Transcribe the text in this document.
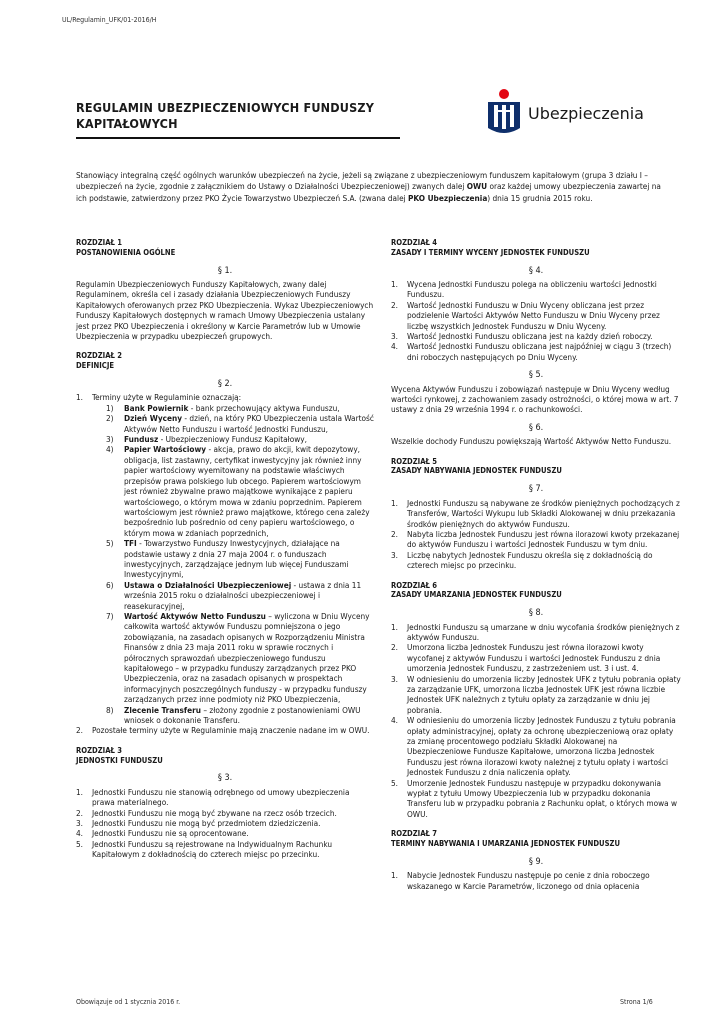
UL/Regulamin_UFK/01-2016/H
REGULAMIN UBEZPIECZENIOWYCH FUNDUSZY KAPITAŁOWYCH
Ubezpieczenia
Stanowiący integralną część ogólnych warunków ubezpieczeń na życie, jeżeli są związane z ubezpieczeniowym funduszem kapitałowym (grupa 3 działu I – ubezpieczeń na życie, zgodnie z załącznikiem do Ustawy o Działalności Ubezpieczeniowej) zwanych dalej OWU oraz każdej umowy ubezpieczenia zawartej na ich podstawie, zatwierdzony przez PKO Życie Towarzystwo Ubezpieczeń S.A. (zwana dalej PKO Ubezpieczenia) dnia 15 grudnia 2015 roku.
ROZDZIAŁ 1
POSTANOWIENIA OGÓLNE
§ 1.

Regulamin Ubezpieczeniowych Funduszy Kapitałowych, zwany dalej Regulaminem, określa cel i zasady działania Ubezpieczeniowych Funduszy Kapitałowych oferowanych przez PKO Ubezpieczenia. Wykaz Ubezpieczeniowych Funduszy Kapitałowych dostępnych w ramach Umowy Ubezpieczenia ustalany jest przez PKO Ubezpieczenia i określony w Karcie Parametrów lub w Umowie Ubezpieczenia w przypadku ubezpieczeń grupowych.

ROZDZIAŁ 2
DEFINICJE
§ 2.
1.	Terminy użyte w Regulaminie oznaczają:
1)	Bank Powiernik - bank przechowujący aktywa Funduszu,
2)	Dzień Wyceny - dzień, na który PKO Ubezpieczenia ustala Wartość Aktywów Netto Funduszu i wartość Jednostki Funduszu,
3)	Fundusz - Ubezpieczeniowy Fundusz Kapitałowy,
4)	Papier Wartościowy - akcja, prawo do akcji, kwit depozytowy, obligacja, list zastawny, certyfikat inwestycyjny jak również inny papier wartościowy wyemitowany na podstawie właściwych przepisów prawa polskiego lub obcego. Papierem wartościowym jest również zbywalne prawo majątkowe wynikające z papieru wartościowego, o którym mowa w zdaniu poprzednim. Papierem wartościowym jest również prawo majątkowe, którego cena zależy bezpośrednio lub pośrednio od ceny papieru wartościowego, o którym mowa w zdaniach poprzednich,
5)	TFI - Towarzystwo Funduszy Inwestycyjnych, działające na podstawie ustawy z dnia 27 maja 2004 r. o funduszach inwestycyjnych, zarządzające jednym lub więcej Funduszami Inwestycyjnymi,
6)	Ustawa o Działalności Ubezpieczeniowej - ustawa z dnia 11 września 2015 roku o działalności ubezpieczeniowej i reasekuracyjnej,
7)	Wartość Aktywów Netto Funduszu – wyliczona w Dniu Wyceny całkowita wartość aktywów Funduszu pomniejszona o jego zobowiązania, na zasadach opisanych w Rozporządzeniu Ministra Finansów z dnia 23 maja 2011 roku w sprawie rocznych i półrocznych sprawozdań ubezpieczeniowego funduszu kapitałowego – w przypadku funduszy zarządzanych przez PKO Ubezpieczenia, oraz na zasadach opisanych w prospektach informacyjnych poszczególnych funduszy - w przypadku funduszy zarządzanych przez inne podmioty niż PKO Ubezpieczenia,
8)	Zlecenie Transferu – złożony zgodnie z postanowieniami OWU wniosek o dokonanie Transferu.
2.	Pozostałe terminy użyte w Regulaminie mają znaczenie nadane im w OWU.
ROZDZIAŁ 3
JEDNOSTKI FUNDUSZU
§ 3.
1.	Jednostki Funduszu nie stanowią odrębnego od umowy ubezpieczenia prawa materialnego.
2.	Jednostki Funduszu nie mogą być zbywane na rzecz osób trzecich.
3.	Jednostki Funduszu nie mogą być przedmiotem dziedziczenia.
4.	Jednostki Funduszu nie są oprocentowane.
5.	Jednostki Funduszu są rejestrowane na Indywidualnym Rachunku Kapitałowym z dokładnością do czterech miejsc po przecinku.
ROZDZIAŁ 4
ZASADY I TERMINY WYCENY JEDNOSTEK FUNDUSZU
§ 4.
1.	Wycena Jednostki Funduszu polega na obliczeniu wartości Jednostki Funduszu.
2.	Wartość Jednostki Funduszu w Dniu Wyceny obliczana jest przez podzielenie Wartości Aktywów Netto Funduszu w Dniu Wyceny przez liczbę wszystkich Jednostek Funduszu w Dniu Wyceny.
3.	Wartość Jednostki Funduszu obliczana jest na każdy dzień roboczy.
4.	Wartość Jednostki Funduszu obliczana jest najpóźniej w ciągu 3 (trzech) dni roboczych następujących po Dniu Wyceny.
§ 5.

Wycena Aktywów Funduszu i zobowiązań następuje w Dniu Wyceny według wartości rynkowej, z zachowaniem zasady ostrożności, o której mowa w art. 7 ustawy z dnia 29 września 1994 r. o rachunkowości.

§ 6.

Wszelkie dochody Funduszu powiększają Wartość Aktywów Netto Funduszu.

ROZDZIAŁ 5
ZASADY NABYWANIA JEDNOSTEK FUNDUSZU
§ 7.
1.	Jednostki Funduszu są nabywane ze środków pieniężnych pochodzących z Transferów, Wartości Wykupu lub Składki Alokowanej w dniu przekazania środków pieniężnych do aktywów Funduszu.
2.	Nabyta liczba Jednostek Funduszu jest równa ilorazowi kwoty przekazanej do aktywów Funduszu i wartości Jednostek Funduszu w tym dniu.
3.	Liczbę nabytych Jednostek Funduszu określa się z dokładnością do czterech miejsc po przecinku.
ROZDZIAŁ 6
ZASADY UMARZANIA JEDNOSTEK FUNDUSZU
§ 8.
1.	Jednostki Funduszu są umarzane w dniu wycofania środków pieniężnych z aktywów Funduszu.
2.	Umorzona liczba Jednostek Funduszu jest równa ilorazowi kwoty wycofanej z aktywów Funduszu i wartości Jednostek Funduszu z dnia umorzenia Jednostek Funduszu, z zastrzeżeniem ust. 3 i ust. 4.
3.	W odniesieniu do umorzenia liczby Jednostek UFK z tytułu pobrania opłaty za zarządzanie UFK, umorzona liczba Jednostek UFK jest równa liczbie Jednostek UFK należnych z tytułu opłaty za zarządzanie w dniu jej pobrania.
4.	W odniesieniu do umorzenia liczby Jednostek Funduszu z tytułu pobrania opłaty administracyjnej, opłaty za ochronę ubezpieczeniową oraz opłaty za zmianę procentowego podziału Składki Alokowanej na Ubezpieczeniowe Fundusze Kapitałowe, umorzona liczba Jednostek Funduszu jest równa ilorazowi kwoty należnej z tytułu opłaty i wartości Jednostek Funduszu z dnia naliczenia opłaty.
5.	Umorzenie Jednostek Funduszu następuje w przypadku dokonywania wypłat z tytułu Umowy Ubezpieczenia lub w przypadku dokonania Transferu lub w przypadku pobrania z Rachunku opłat, o których mowa w OWU.
ROZDZIAŁ 7
TERMINY NABYWANIA I UMARZANIA JEDNOSTEK FUNDUSZU
§ 9.
1.	Nabycie Jednostek Funduszu następuje po cenie z dnia roboczego wskazanego w Karcie Parametrów, liczonego od dnia opłacenia
Obowiązuje od 1 stycznia 2016 r.	Strona 1/6
